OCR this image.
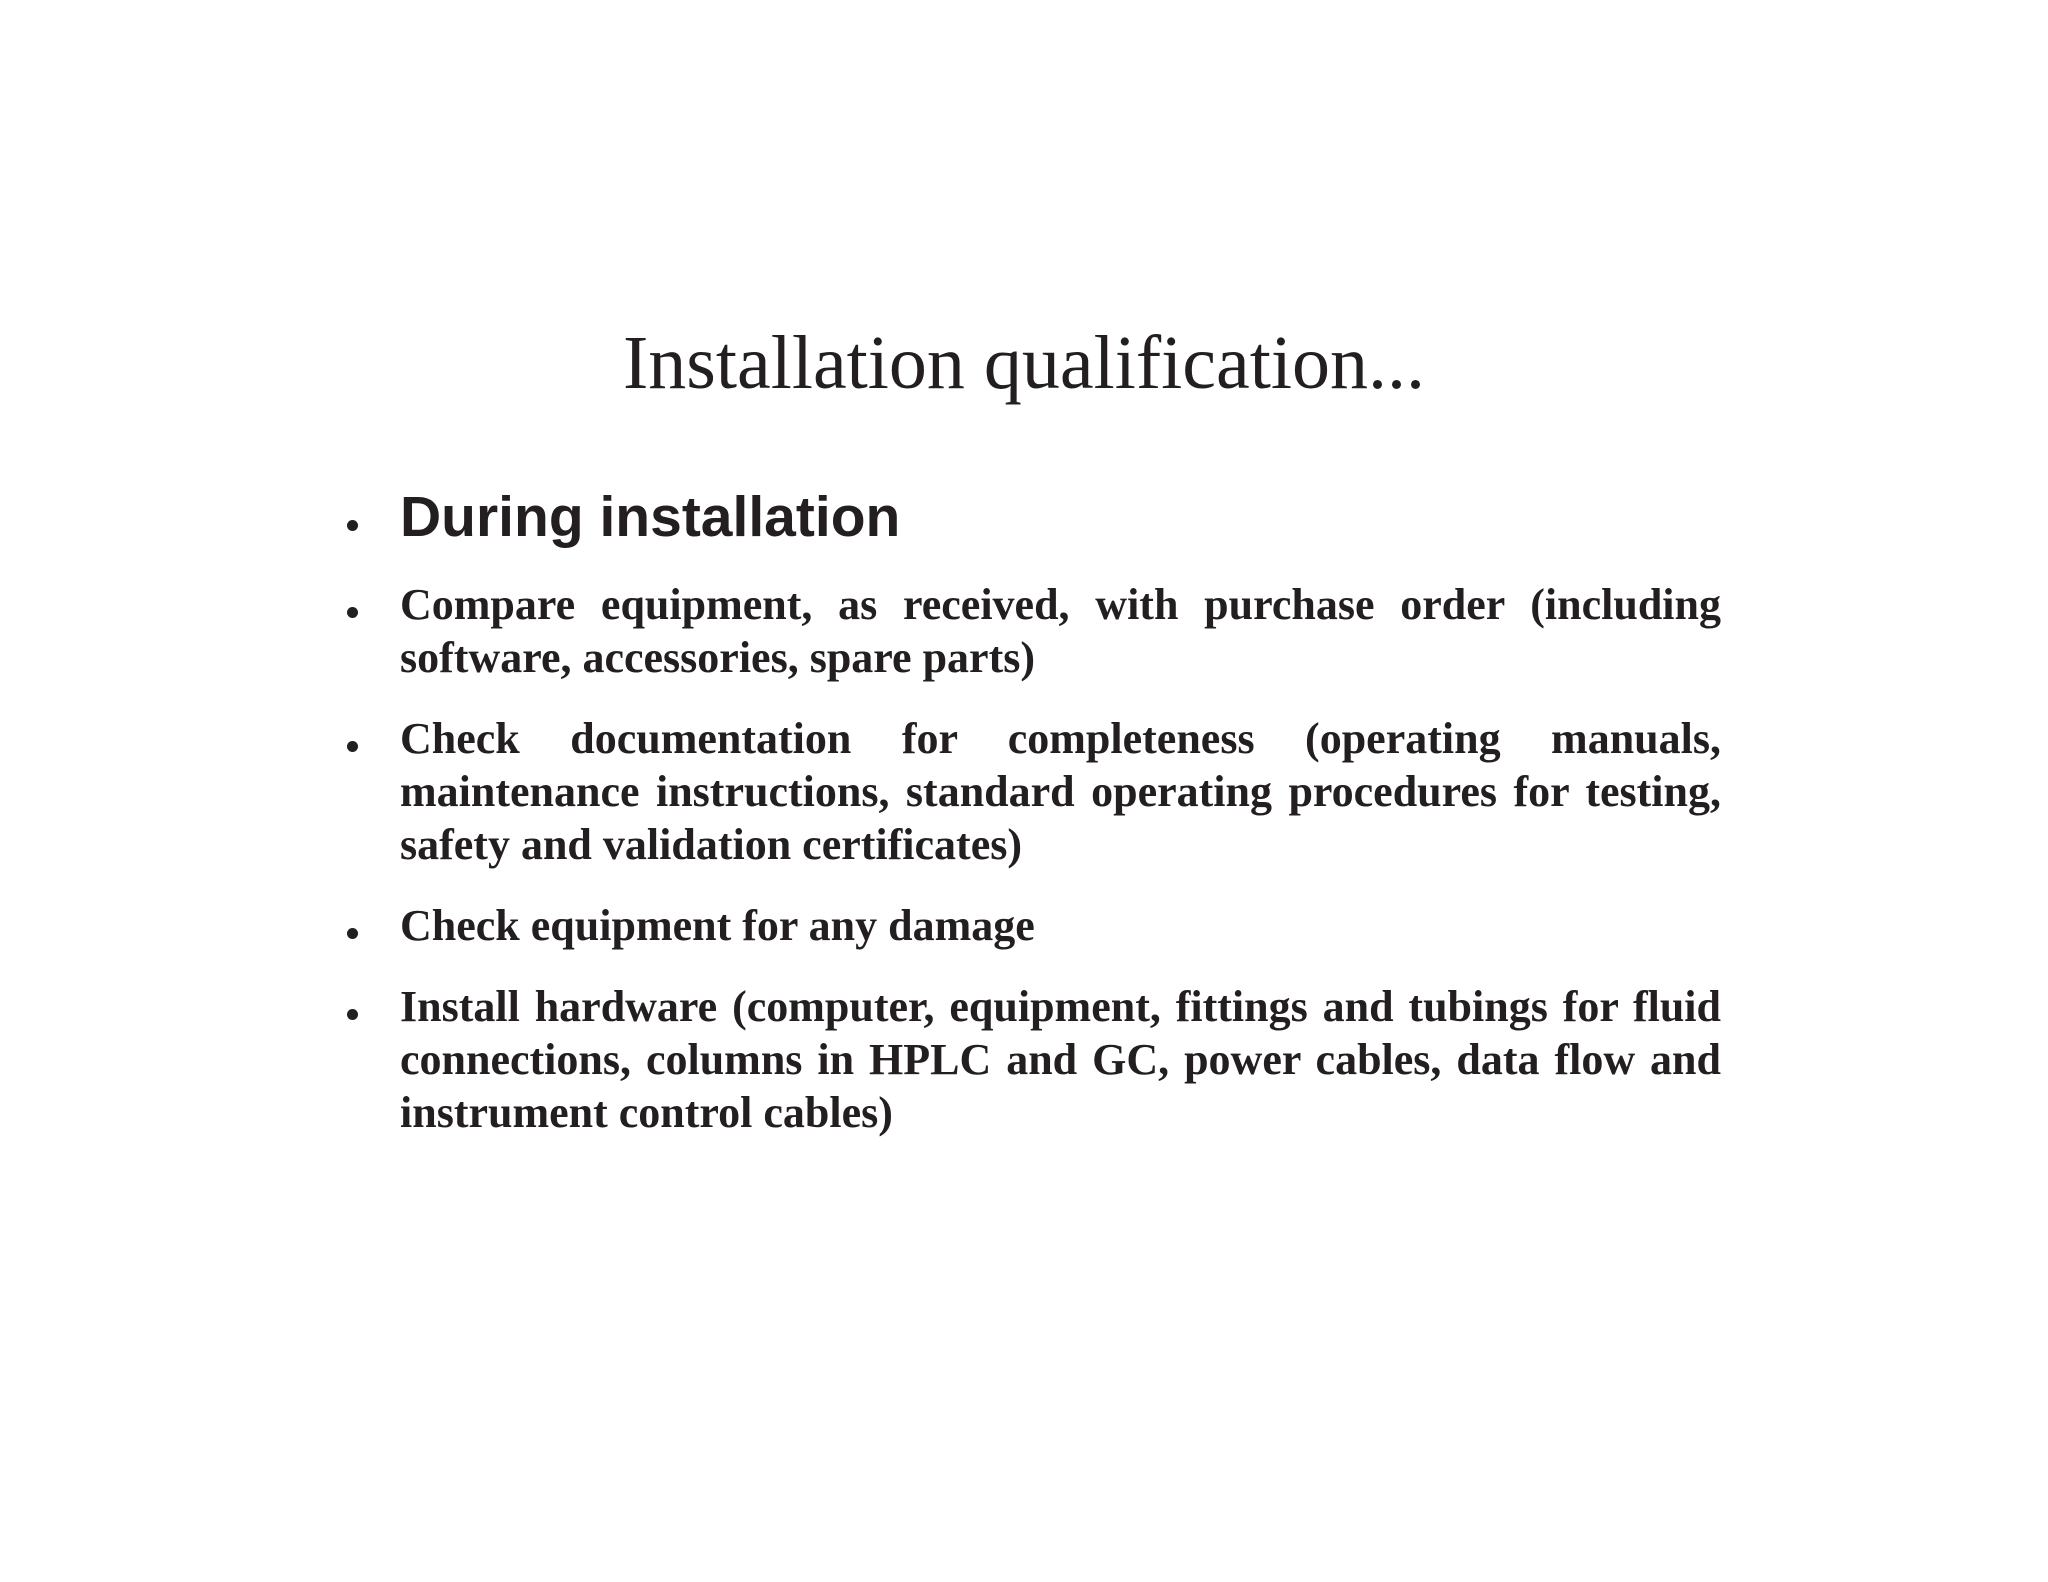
Installation qualification...
During installation
Compare equipment, as received, with purchase order (including software, accessories, spare parts)
Check documentation for completeness (operating manuals, maintenance instructions, standard operating procedures for testing, safety and validation certificates)
Check equipment for any damage
Install hardware (computer, equipment, fittings and tubings for fluid connections, columns in HPLC and GC, power cables, data flow and instrument control cables)
